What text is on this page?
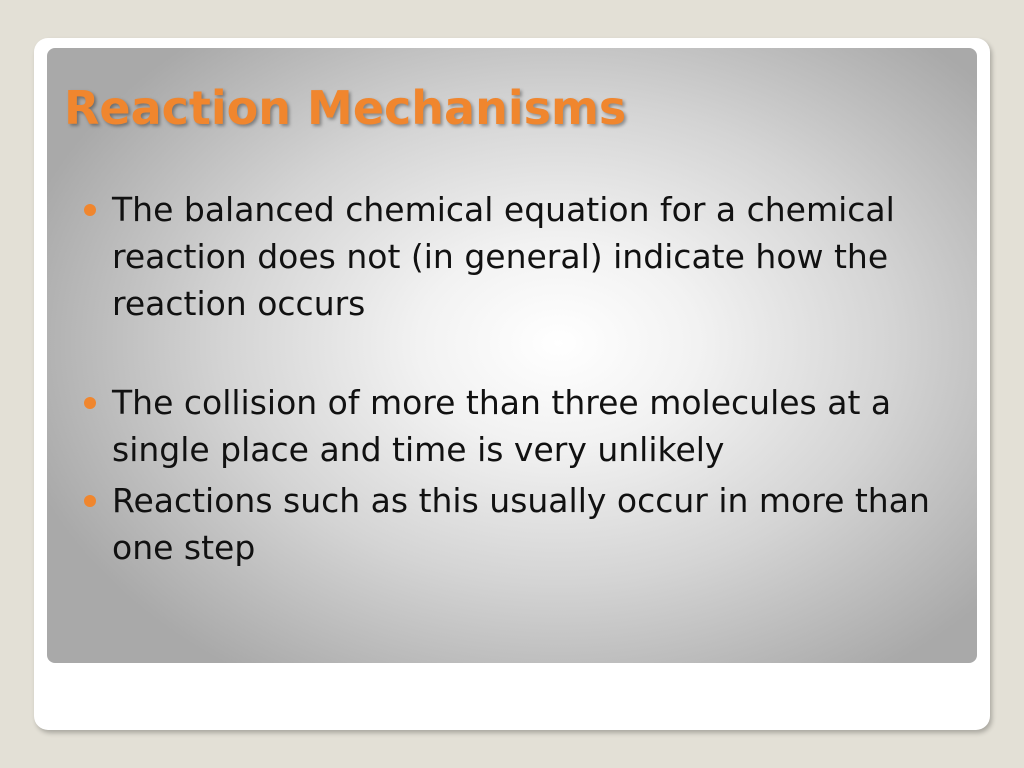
Reaction Mechanisms
The balanced chemical equation for a chemical reaction does not (in general) indicate how the reaction occurs
The collision of more than three molecules at a single place and time is very unlikely
Reactions such as this usually occur in more than one step
